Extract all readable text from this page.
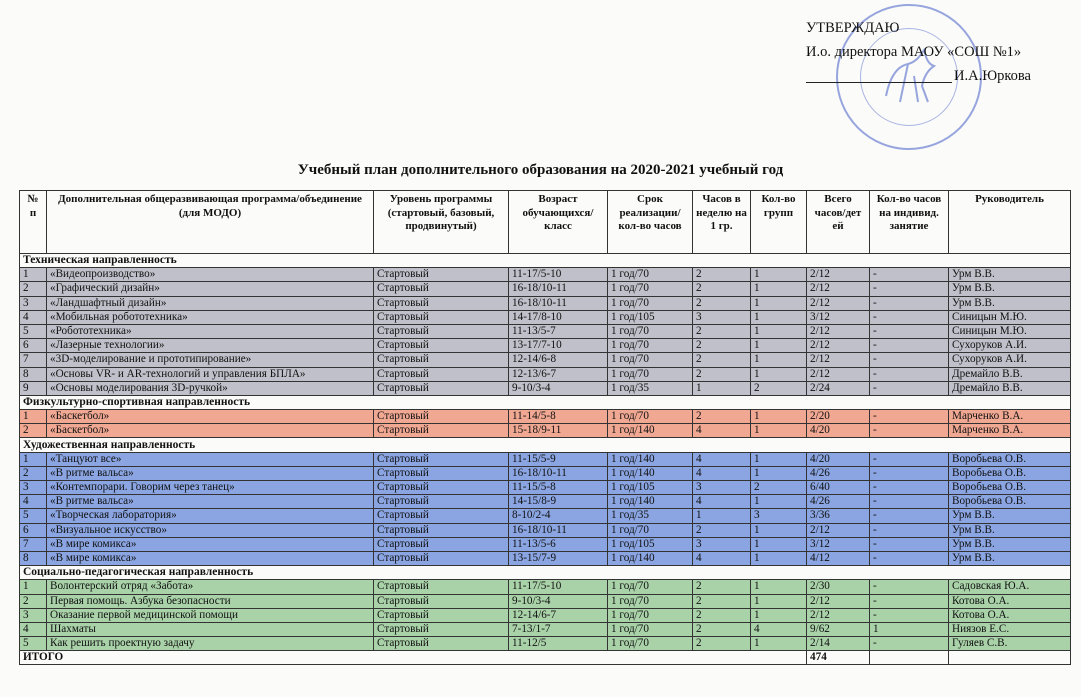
УТВЕРЖДАЮ
И.о. директора МАОУ «СОШ №1»
И.А.Юркова
Учебный план дополнительного образования на 2020-2021 учебный год
№ п	Дополнительная общеразвивающая программа/объединение (для МОДО)	Уровень программы (стартовый, базовый, продвинутый)	Возраст обучающихся/ класс	Срок реализации/ кол-во часов	Часов в неделю на 1 гр.	Кол-во групп	Всего часов/дет ей	Кол-во часов на индивид. занятие	Руководитель
Техническая направленность									
1	«Видеопроизводство»	Стартовый	11-17/5-10	1 год/70	2	1	2/12	-	Урм В.В.
2	«Графический дизайн»	Стартовый	16-18/10-11	1 год/70	2	1	2/12	-	Урм В.В.
3	«Ландшафтный дизайн»	Стартовый	16-18/10-11	1 год/70	2	1	2/12	-	Урм В.В.
4	«Мобильная робототехника»	Стартовый	14-17/8-10	1 год/105	3	1	3/12	-	Синицын М.Ю.
5	«Робототехника»	Стартовый	11-13/5-7	1 год/70	2	1	2/12	-	Синицын М.Ю.
6	«Лазерные технологии»	Стартовый	13-17/7-10	1 год/70	2	1	2/12	-	Сухоруков А.И.
7	«3D-моделирование и прототипирование»	Стартовый	12-14/6-8	1 год/70	2	1	2/12	-	Сухоруков А.И.
8	«Основы VR- и AR-технологий и управления БПЛА»	Стартовый	12-13/6-7	1 год/70	2	1	2/12	-	Дремайло В.В.
9	«Основы моделирования 3D-ручкой»	Стартовый	9-10/3-4	1 год/35	1	2	2/24	-	Дремайло В.В.
Физкультурно-спортивная направленность									
1	«Баскетбол»	Стартовый	11-14/5-8	1 год/70	2	1	2/20	-	Марченко В.А.
2	«Баскетбол»	Стартовый	15-18/9-11	1 год/140	4	1	4/20	-	Марченко В.А.
Художественная направленность									
1	«Танцуют все»	Стартовый	11-15/5-9	1 год/140	4	1	4/20	-	Воробьева О.В.
2	«В ритме вальса»	Стартовый	16-18/10-11	1 год/140	4	1	4/26	-	Воробьева О.В.
3	«Контемпорари. Говорим через танец»	Стартовый	11-15/5-8	1 год/105	3	2	6/40	-	Воробьева О.В.
4	«В ритме вальса»	Стартовый	14-15/8-9	1 год/140	4	1	4/26	-	Воробьева О.В.
5	«Творческая лаборатория»	Стартовый	8-10/2-4	1 год/35	1	3	3/36	-	Урм В.В.
6	«Визуальное искусство»	Стартовый	16-18/10-11	1 год/70	2	1	2/12	-	Урм В.В.
7	«В мире комикса»	Стартовый	11-13/5-6	1 год/105	3	1	3/12	-	Урм В.В.
8	«В мире комикса»	Стартовый	13-15/7-9	1 год/140	4	1	4/12	-	Урм В.В.
Социально-педагогическая направленность									
1	Волонтерский отряд «Забота»	Стартовый	11-17/5-10	1 год/70	2	1	2/30	-	Садовская Ю.А.
2	Первая помощь. Азбука безопасности	Стартовый	9-10/3-4	1 год/70	2	1	2/12	-	Котова О.А.
3	Оказание первой медицинской помощи	Стартовый	12-14/6-7	1 год/70	2	1	2/12	-	Котова О.А.
4	Шахматы	Стартовый	7-13/1-7	1 год/70	2	4	9/62	1	Ниязов Е.С.
5	Как решить проектную задачу	Стартовый	11-12/5	1 год/70	2	1	2/14	-	Гуляев С.В.
ИТОГО							474		
